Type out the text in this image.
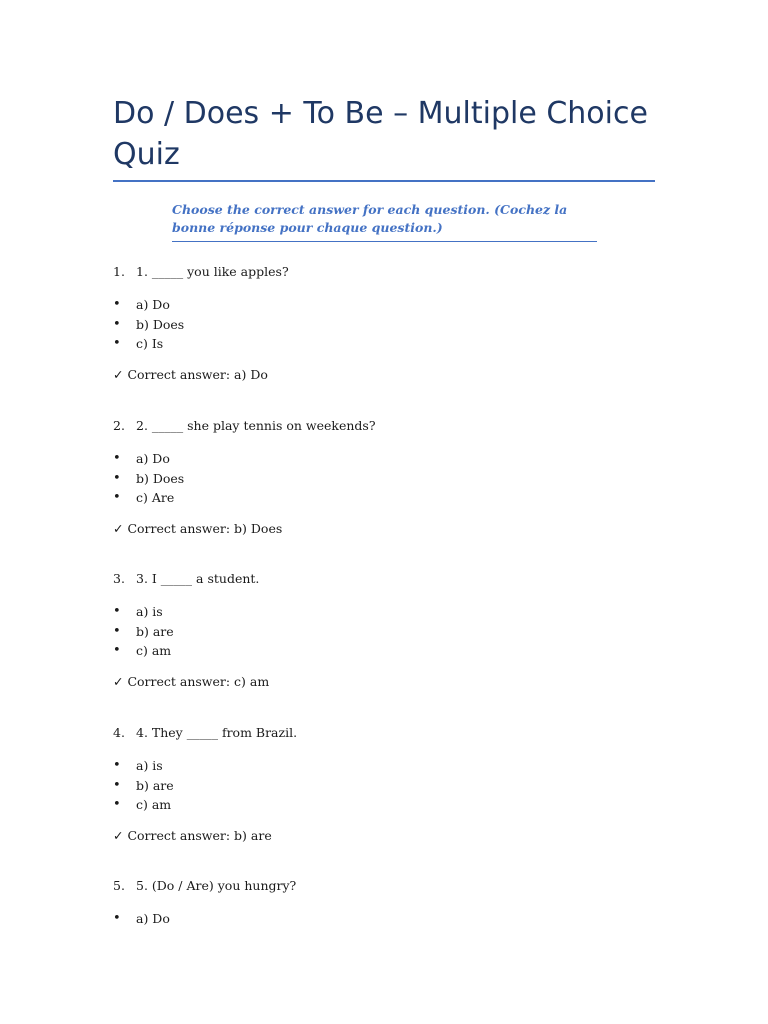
Do / Does + To Be – Multiple Choice Quiz
Choose the correct answer for each question. (Cochez la bonne réponse pour chaque question.)
1. 1. _____ you like apples?
• a) Do
• b) Does
• c) Is
✓ Correct answer: a) Do
2. 2. _____ she play tennis on weekends?
• a) Do
• b) Does
• c) Are
✓ Correct answer: b) Does
3. 3. I _____ a student.
• a) is
• b) are
• c) am
✓ Correct answer: c) am
4. 4. They _____ from Brazil.
• a) is
• b) are
• c) am
✓ Correct answer: b) are
5. 5. (Do / Are) you hungry?
• a) Do
